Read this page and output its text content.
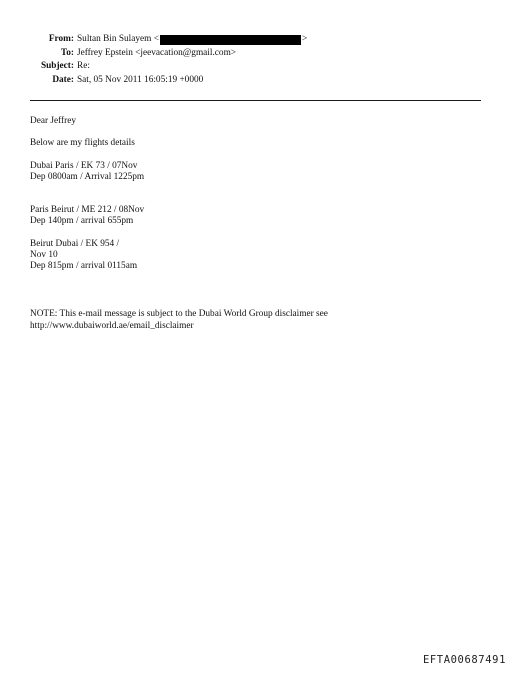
From: Sultan Bin Sulayem <	>
To: Jeffrey Epstein <jeevacation@gmail.com>
Subject: Re:
Date: Sat, 05 Nov 2011 16:05:19 +0000

Dear Jeffrey

Below are my flights details

Dubai Paris / EK 73 / 07Nov
Dep 0800am / Arrival 1225pm

Paris Beirut / ME 212 / 08Nov
Dep 140pm / arrival 655pm

Beirut Dubai / EK 954 /
Nov 10
Dep 815pm / arrival 0115am

NOTE: This e-mail message is subject to the Dubai World Group disclaimer see
http://www.dubaiworld.ae/email_disclaimer

EFTA00687491
